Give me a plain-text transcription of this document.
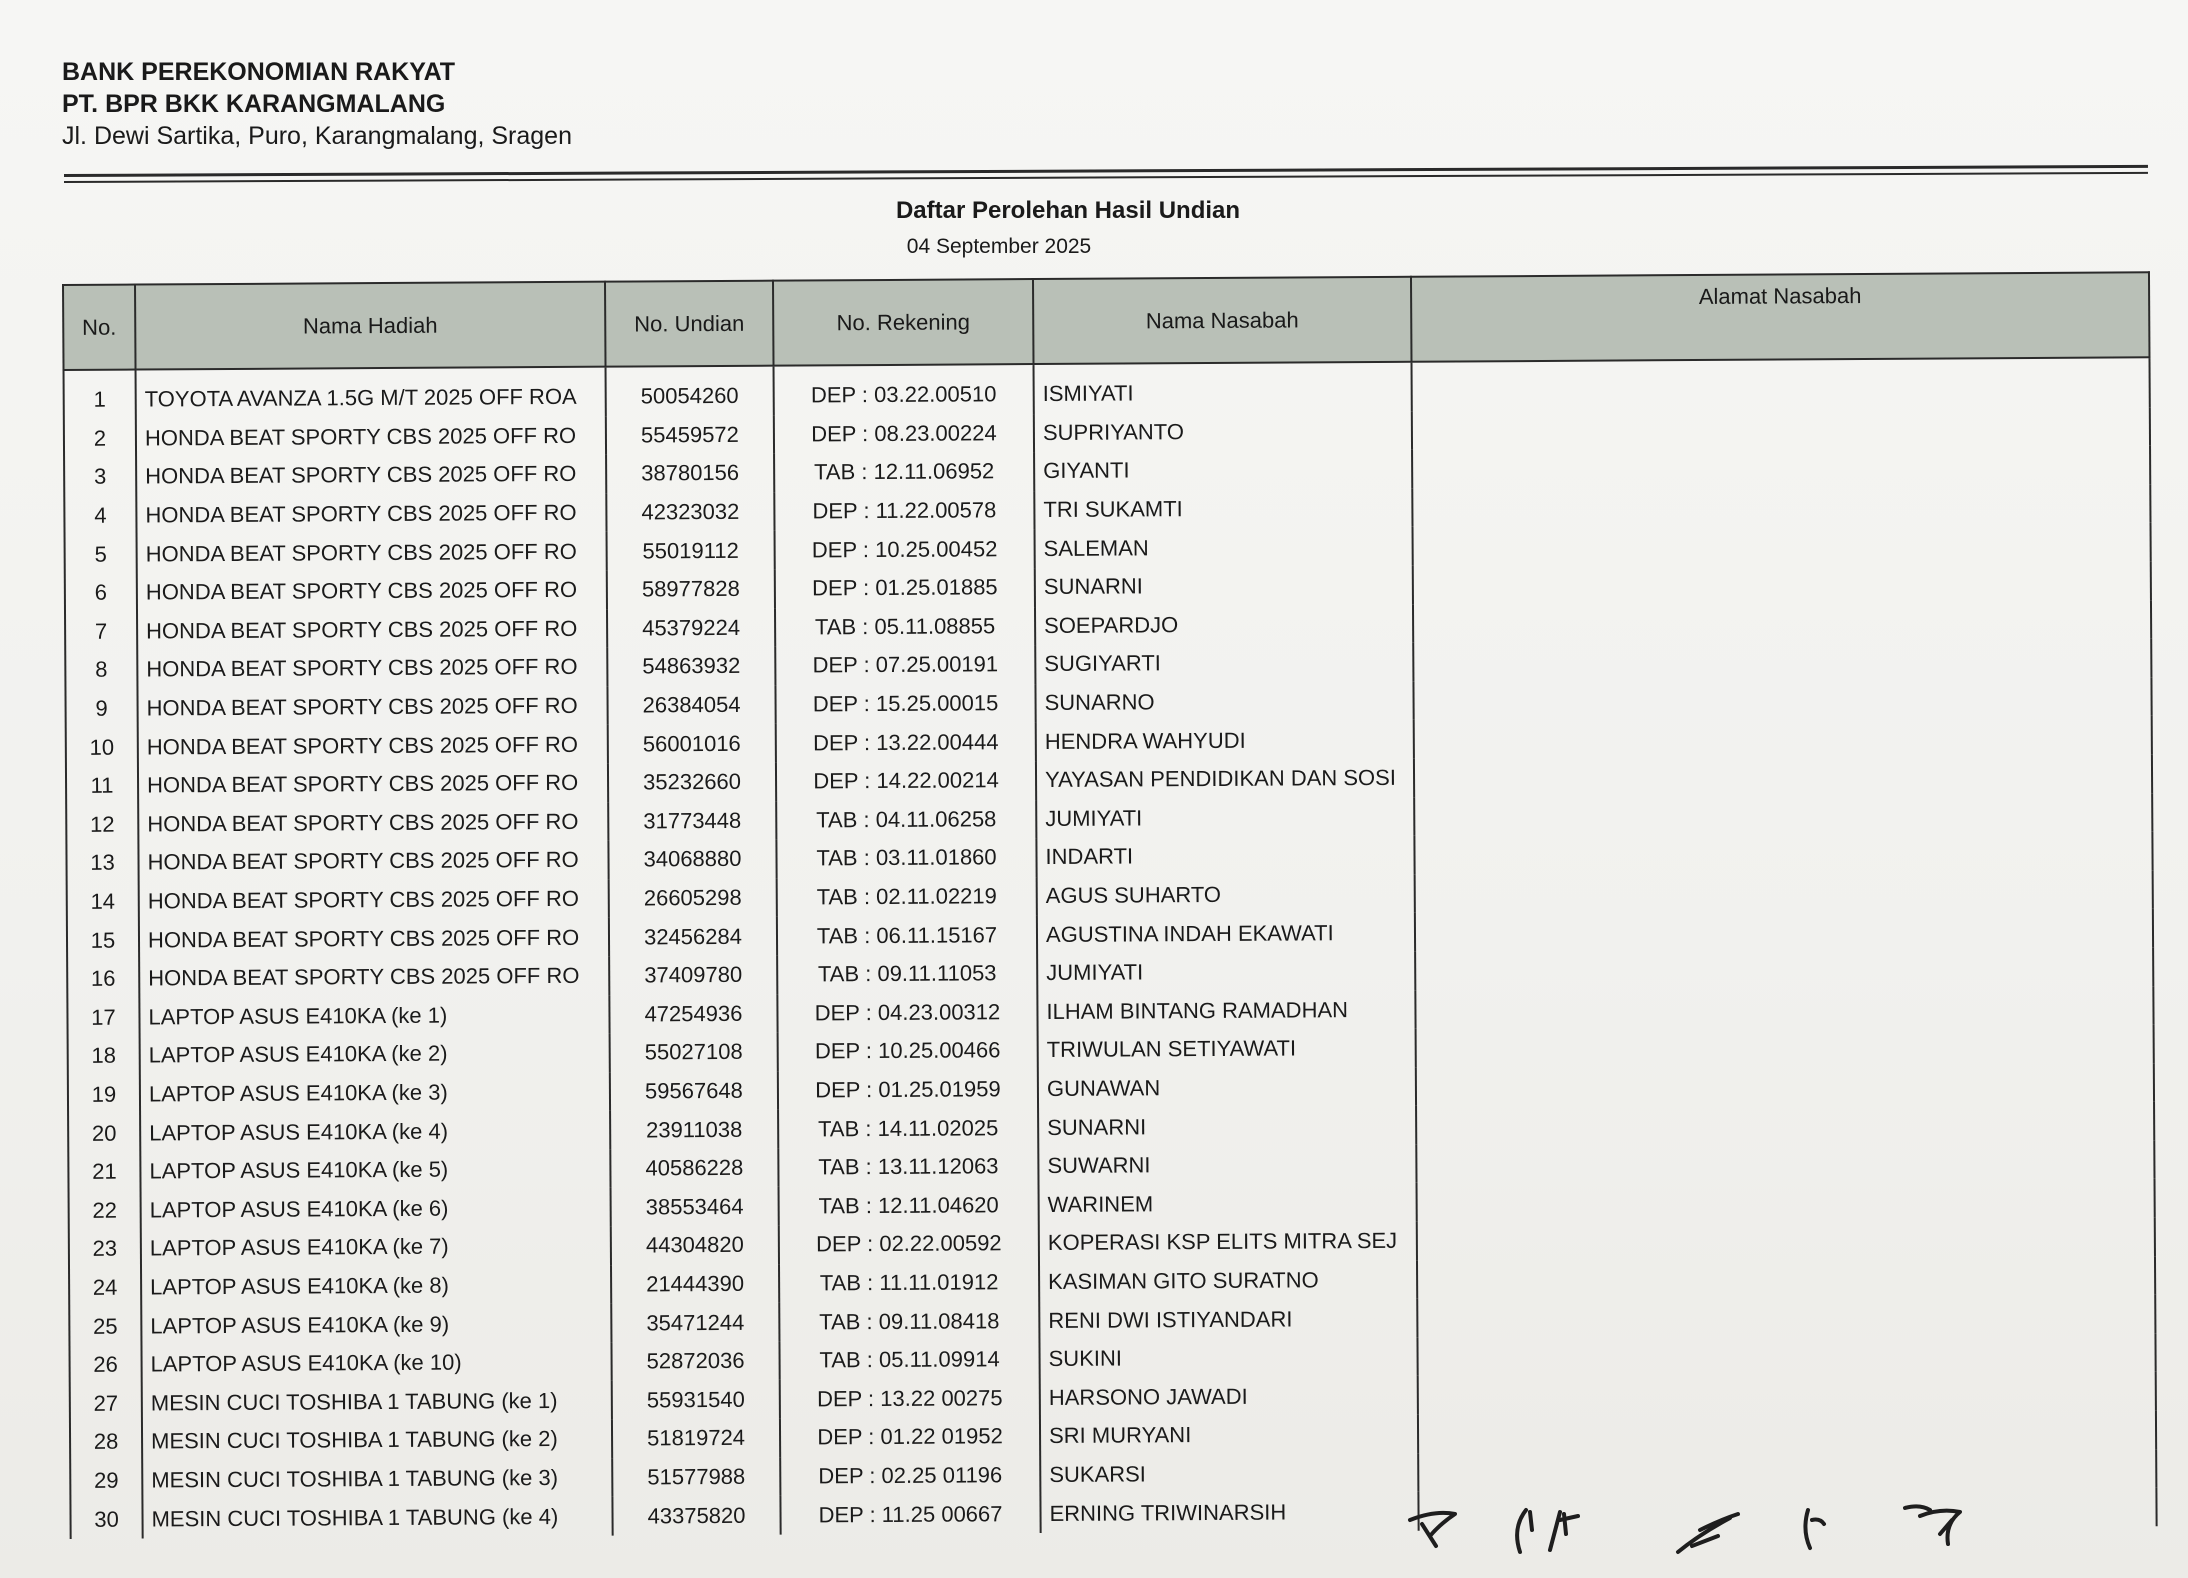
BANK PEREKONOMIAN RAKYAT
PT. BPR BKK KARANGMALANG
Jl. Dewi Sartika, Puro, Karangmalang, Sragen
Daftar Perolehan Hasil Undian
04 September 2025
No.	Nama Hadiah	No. Undian	No. Rekening	Nama Nasabah	Alamat Nasabah
1	TOYOTA AVANZA 1.5G M/T 2025 OFF ROA	50054260	DEP : 03.22.00510	ISMIYATI	
2	HONDA BEAT SPORTY CBS 2025 OFF RO	55459572	DEP : 08.23.00224	SUPRIYANTO	
3	HONDA BEAT SPORTY CBS 2025 OFF RO	38780156	TAB : 12.11.06952	GIYANTI	
4	HONDA BEAT SPORTY CBS 2025 OFF RO	42323032	DEP : 11.22.00578	TRI SUKAMTI	
5	HONDA BEAT SPORTY CBS 2025 OFF RO	55019112	DEP : 10.25.00452	SALEMAN	
6	HONDA BEAT SPORTY CBS 2025 OFF RO	58977828	DEP : 01.25.01885	SUNARNI	
7	HONDA BEAT SPORTY CBS 2025 OFF RO	45379224	TAB : 05.11.08855	SOEPARDJO	
8	HONDA BEAT SPORTY CBS 2025 OFF RO	54863932	DEP : 07.25.00191	SUGIYARTI	
9	HONDA BEAT SPORTY CBS 2025 OFF RO	26384054	DEP : 15.25.00015	SUNARNO	
10	HONDA BEAT SPORTY CBS 2025 OFF RO	56001016	DEP : 13.22.00444	HENDRA WAHYUDI	
11	HONDA BEAT SPORTY CBS 2025 OFF RO	35232660	DEP : 14.22.00214	YAYASAN PENDIDIKAN DAN SOSI	
12	HONDA BEAT SPORTY CBS 2025 OFF RO	31773448	TAB : 04.11.06258	JUMIYATI	
13	HONDA BEAT SPORTY CBS 2025 OFF RO	34068880	TAB : 03.11.01860	INDARTI	
14	HONDA BEAT SPORTY CBS 2025 OFF RO	26605298	TAB : 02.11.02219	AGUS SUHARTO	
15	HONDA BEAT SPORTY CBS 2025 OFF RO	32456284	TAB : 06.11.15167	AGUSTINA INDAH EKAWATI	
16	HONDA BEAT SPORTY CBS 2025 OFF RO	37409780	TAB : 09.11.11053	JUMIYATI	
17	LAPTOP ASUS E410KA (ke 1)	47254936	DEP : 04.23.00312	ILHAM BINTANG RAMADHAN	
18	LAPTOP ASUS E410KA (ke 2)	55027108	DEP : 10.25.00466	TRIWULAN SETIYAWATI	
19	LAPTOP ASUS E410KA (ke 3)	59567648	DEP : 01.25.01959	GUNAWAN	
20	LAPTOP ASUS E410KA (ke 4)	23911038	TAB : 14.11.02025	SUNARNI	
21	LAPTOP ASUS E410KA (ke 5)	40586228	TAB : 13.11.12063	SUWARNI	
22	LAPTOP ASUS E410KA (ke 6)	38553464	TAB : 12.11.04620	WARINEM	
23	LAPTOP ASUS E410KA (ke 7)	44304820	DEP : 02.22.00592	KOPERASI KSP ELITS MITRA SEJ	
24	LAPTOP ASUS E410KA (ke 8)	21444390	TAB : 11.11.01912	KASIMAN GITO SURATNO	
25	LAPTOP ASUS E410KA (ke 9)	35471244	TAB : 09.11.08418	RENI DWI ISTIYANDARI	
26	LAPTOP ASUS E410KA (ke 10)	52872036	TAB : 05.11.09914	SUKINI	
27	MESIN CUCI TOSHIBA 1 TABUNG (ke 1)	55931540	DEP : 13.22 00275	HARSONO JAWADI	
28	MESIN CUCI TOSHIBA 1 TABUNG (ke 2)	51819724	DEP : 01.22 01952	SRI MURYANI	
29	MESIN CUCI TOSHIBA 1 TABUNG (ke 3)	51577988	DEP : 02.25 01196	SUKARSI	
30	MESIN CUCI TOSHIBA 1 TABUNG (ke 4)	43375820	DEP : 11.25 00667	ERNING TRIWINARSIH	
